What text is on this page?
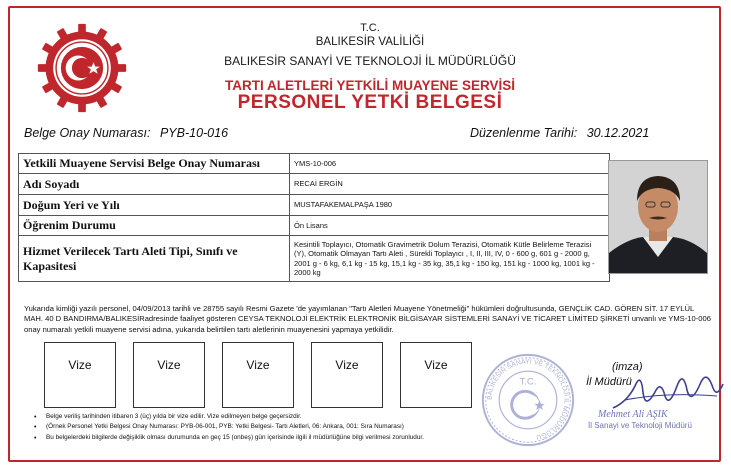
T.C.
BALIKESİR VALİLİĞİ
BALIKESİR SANAYİ VE TEKNOLOJİ İL MÜDÜRLÜĞÜ
TARTI ALETLERİ YETKİLİ MUAYENE SERVİSİ
PERSONEL YETKİ BELGESİ
Belge Onay Numarası: PYB-10-016	Düzenlenme Tarihi: 30.12.2021
Yetkili Muayene Servisi Belge Onay Numarası	YMS-10-006
Adı Soyadı	RECAİ ERGİN
Doğum Yeri ve Yılı	MUSTAFAKEMALPAŞA 1980
Öğrenim Durumu	Ön Lisans
Hizmet Verilecek Tartı Aleti Tipi, Sınıfı ve Kapasitesi	Kesintili Toplayıcı, Otomatik Gravimetrik Dolum Terazisi, Otomatik Kütle Belirleme Terazisi (Y), Otomatik Olmayan Tartı Aleti , Sürekli Toplayıcı , I, II, III, IV, 0 - 600 g, 601 g - 2000 g, 2001 g - 6 kg, 6,1 kg - 15 kg, 15,1 kg - 35 kg, 35,1 kg - 150 kg, 151 kg - 1000 kg, 1001 kg - 2000 kg
Yukarıda kimliği yazılı personel, 04/09/2013 tarihli ve 28755 sayılı Resmi Gazete 'de yayımlanan "Tartı Aletleri Muayene Yönetmeliği" hükümleri doğrultusunda, GENÇLİK CAD. GÖREN SİT. 17 EYLÜL MAH. 40 D BANDIRMA/BALIKESİRadresinde faaliyet gösteren CEYSA TEKNOLOJİ ELEKTRİK ELEKTRONİK BİLGİSAYAR SİSTEMLERİ SANAYİ VE TİCARET LİMİTED ŞİRKETİ unvanlı ve YMS-10-006 onay numaralı yetkili muayene servisi adına, yukarıda belirtilen tartı aletlerinin muayenesini yapmaya yetkilidir.
Vize	Vize	Vize	Vize	Vize
BALIKESİR SANAYİ VE TEKNOLOJİ İL MÜDÜRLÜĞÜ
T.C.
(imza)
İl Müdürü
Mehmet Ali AŞIK
İl Sanayi ve Teknoloji Müdürü
• Belge veriliş tarihinden itibaren 3 (üç) yılda bir vize edilir. Vize edilmeyen belge geçersizdir.
• (Örnek Personel Yetki Belgesi Onay Numarası: PYB-06-001, PYB: Yetki Belgesi- Tartı Aletleri, 06: Ankara, 001: Sıra Numarası)
• Bu belgelerdeki bilgilerde değişiklik olması durumunda en geç 15 (onbeş) gün içerisinde ilgili il müdürlüğüne bilgi verilmesi zorunludur.
